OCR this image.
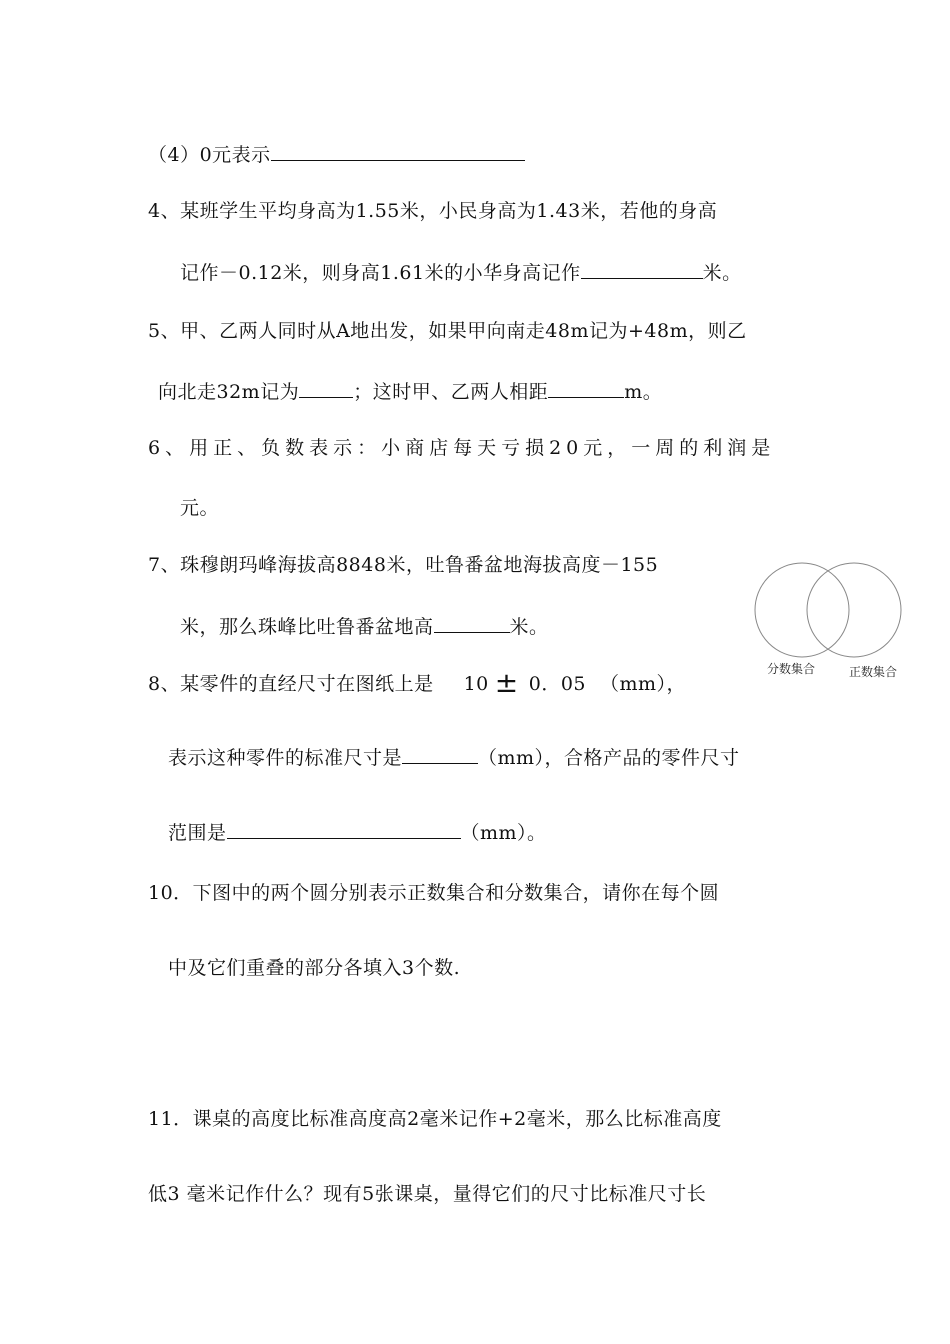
（4）0元表示
4、某班学生平均身高为1.55米，小民身高为1.43米，若他的身高
记作－0.12米，则身高1.61米的小华身高记作	米。
5、甲、乙两人同时从A地出发，如果甲向南走48m记为+48m，则乙
向北走32m记为	；这时甲、乙两人相距	m。
6、用正、负数表示：小商店每天亏损20元，一周的利润是
元。
7、珠穆朗玛峰海拔高8848米，吐鲁番盆地海拔高度－155
米，那么珠峰比吐鲁番盆地高	米。
分数集合	正数集合
8、某零件的直经尺寸在图纸上是 10 ± 0．05 （mm），
表示这种零件的标准尺寸是	（mm），合格产品的零件尺寸
范围是	（mm）。
10．下图中的两个圆分别表示正数集合和分数集合，请你在每个圆
中及它们重叠的部分各填入3个数.
11．课桌的高度比标准高度高2毫米记作+2毫米，那么比标准高度
低3 毫米记作什么？现有5张课桌，量得它们的尺寸比标准尺寸长
